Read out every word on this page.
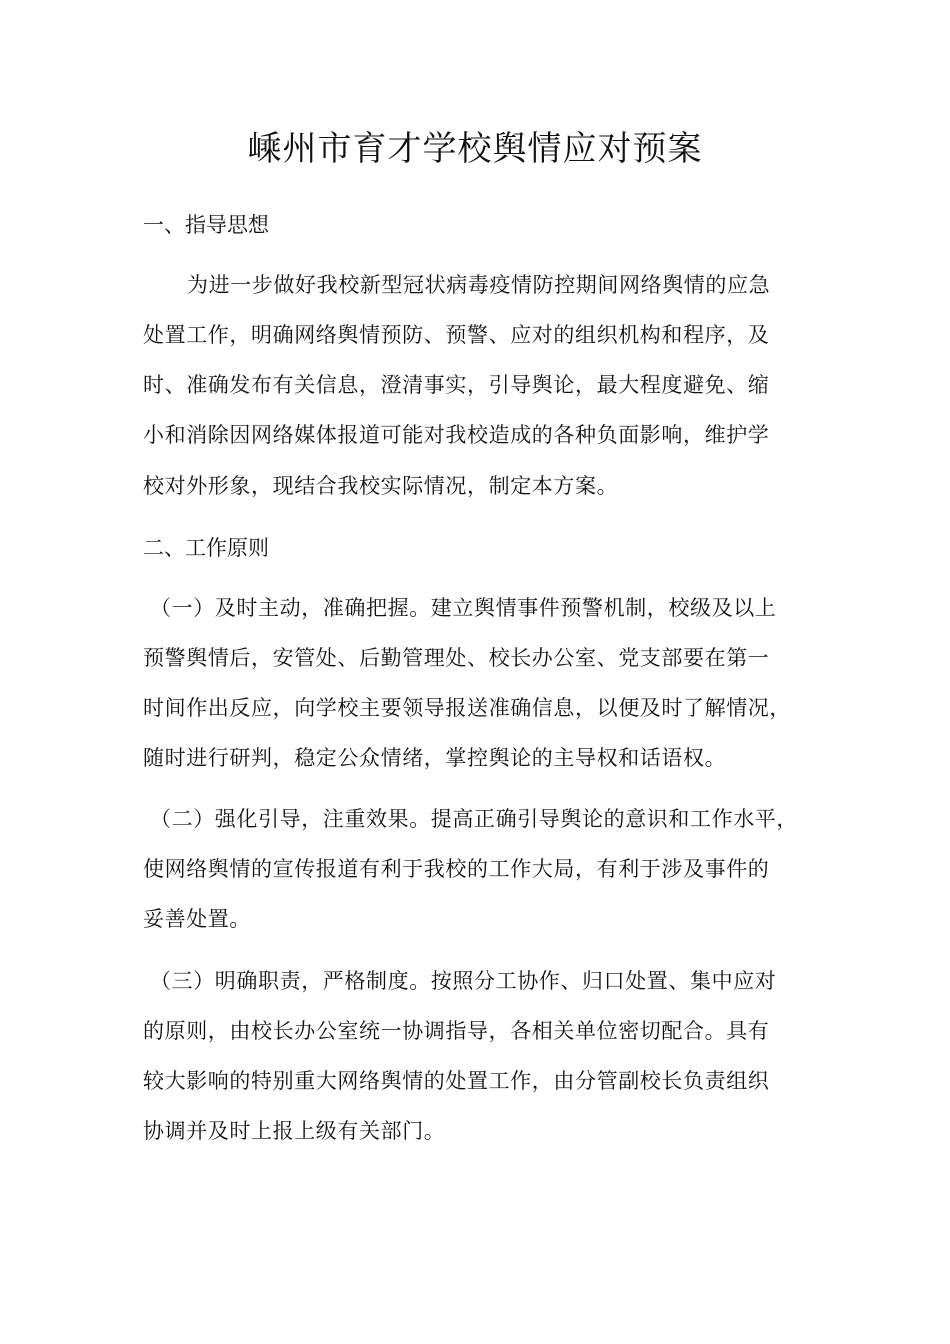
嵊州市育才学校舆情应对预案

一、指导思想

为进一步做好我校新型冠状病毒疫情防控期间网络舆情的应急

处置工作，明确网络舆情预防、预警、应对的组织机构和程序，及

时、准确发布有关信息，澄清事实，引导舆论，最大程度避免、缩

小和消除因网络媒体报道可能对我校造成的各种负面影响，维护学

校对外形象，现结合我校实际情况，制定本方案。

二、工作原则

（一）及时主动，准确把握。建立舆情事件预警机制，校级及以上

预警舆情后，安管处、后勤管理处、校长办公室、党支部要在第一

时间作出反应，向学校主要领导报送准确信息，以便及时了解情况，

随时进行研判，稳定公众情绪，掌控舆论的主导权和话语权。

（二）强化引导，注重效果。提高正确引导舆论的意识和工作水平，

使网络舆情的宣传报道有利于我校的工作大局，有利于涉及事件的

妥善处置。

（三）明确职责，严格制度。按照分工协作、归口处置、集中应对

的原则，由校长办公室统一协调指导，各相关单位密切配合。具有

较大影响的特别重大网络舆情的处置工作，由分管副校长负责组织

协调并及时上报上级有关部门。
